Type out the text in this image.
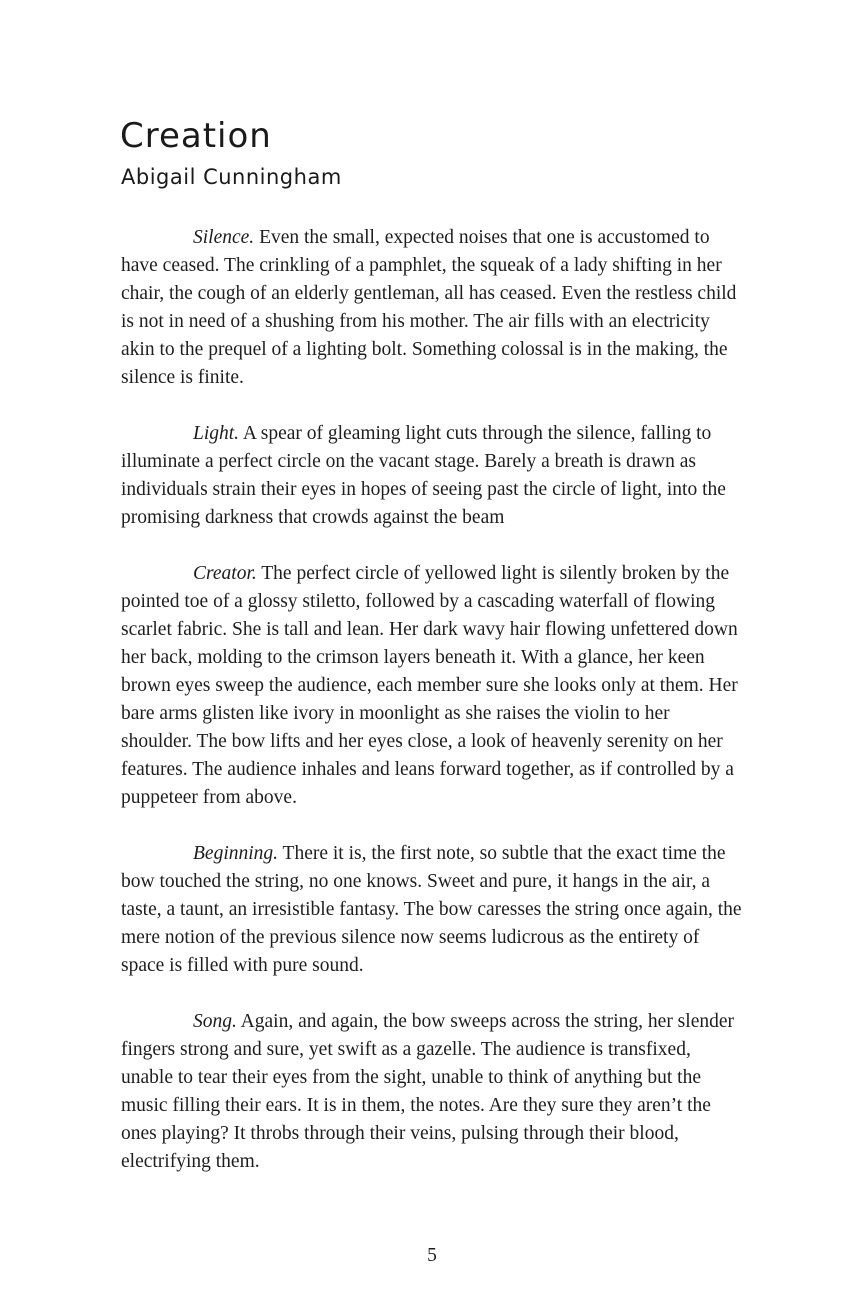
Creation
Abigail Cunningham

Silence. Even the small, expected noises that one is accustomed to have ceased. The crinkling of a pamphlet, the squeak of a lady shifting in her chair, the cough of an elderly gentleman, all has ceased. Even the restless child is not in need of a shushing from his mother. The air fills with an electricity akin to the prequel of a lighting bolt. Something colossal is in the making, the silence is finite.

Light. A spear of gleaming light cuts through the silence, falling to illuminate a perfect circle on the vacant stage. Barely a breath is drawn as individuals strain their eyes in hopes of seeing past the circle of light, into the promising darkness that crowds against the beam

Creator. The perfect circle of yellowed light is silently broken by the pointed toe of a glossy stiletto, followed by a cascading waterfall of flowing scarlet fabric. She is tall and lean. Her dark wavy hair flowing unfettered down her back, molding to the crimson layers beneath it. With a glance, her keen brown eyes sweep the audience, each member sure she looks only at them. Her bare arms glisten like ivory in moonlight as she raises the violin to her shoulder. The bow lifts and her eyes close, a look of heavenly serenity on her features. The audience inhales and leans forward together, as if controlled by a puppeteer from above.

Beginning. There it is, the first note, so subtle that the exact time the bow touched the string, no one knows. Sweet and pure, it hangs in the air, a taste, a taunt, an irresistible fantasy. The bow caresses the string once again, the mere notion of the previous silence now seems ludicrous as the entirety of space is filled with pure sound.

Song. Again, and again, the bow sweeps across the string, her slender fingers strong and sure, yet swift as a gazelle. The audience is transfixed, unable to tear their eyes from the sight, unable to think of anything but the music filling their ears. It is in them, the notes. Are they sure they aren’t the ones playing? It throbs through their veins, pulsing through their blood, electrifying them.

5
